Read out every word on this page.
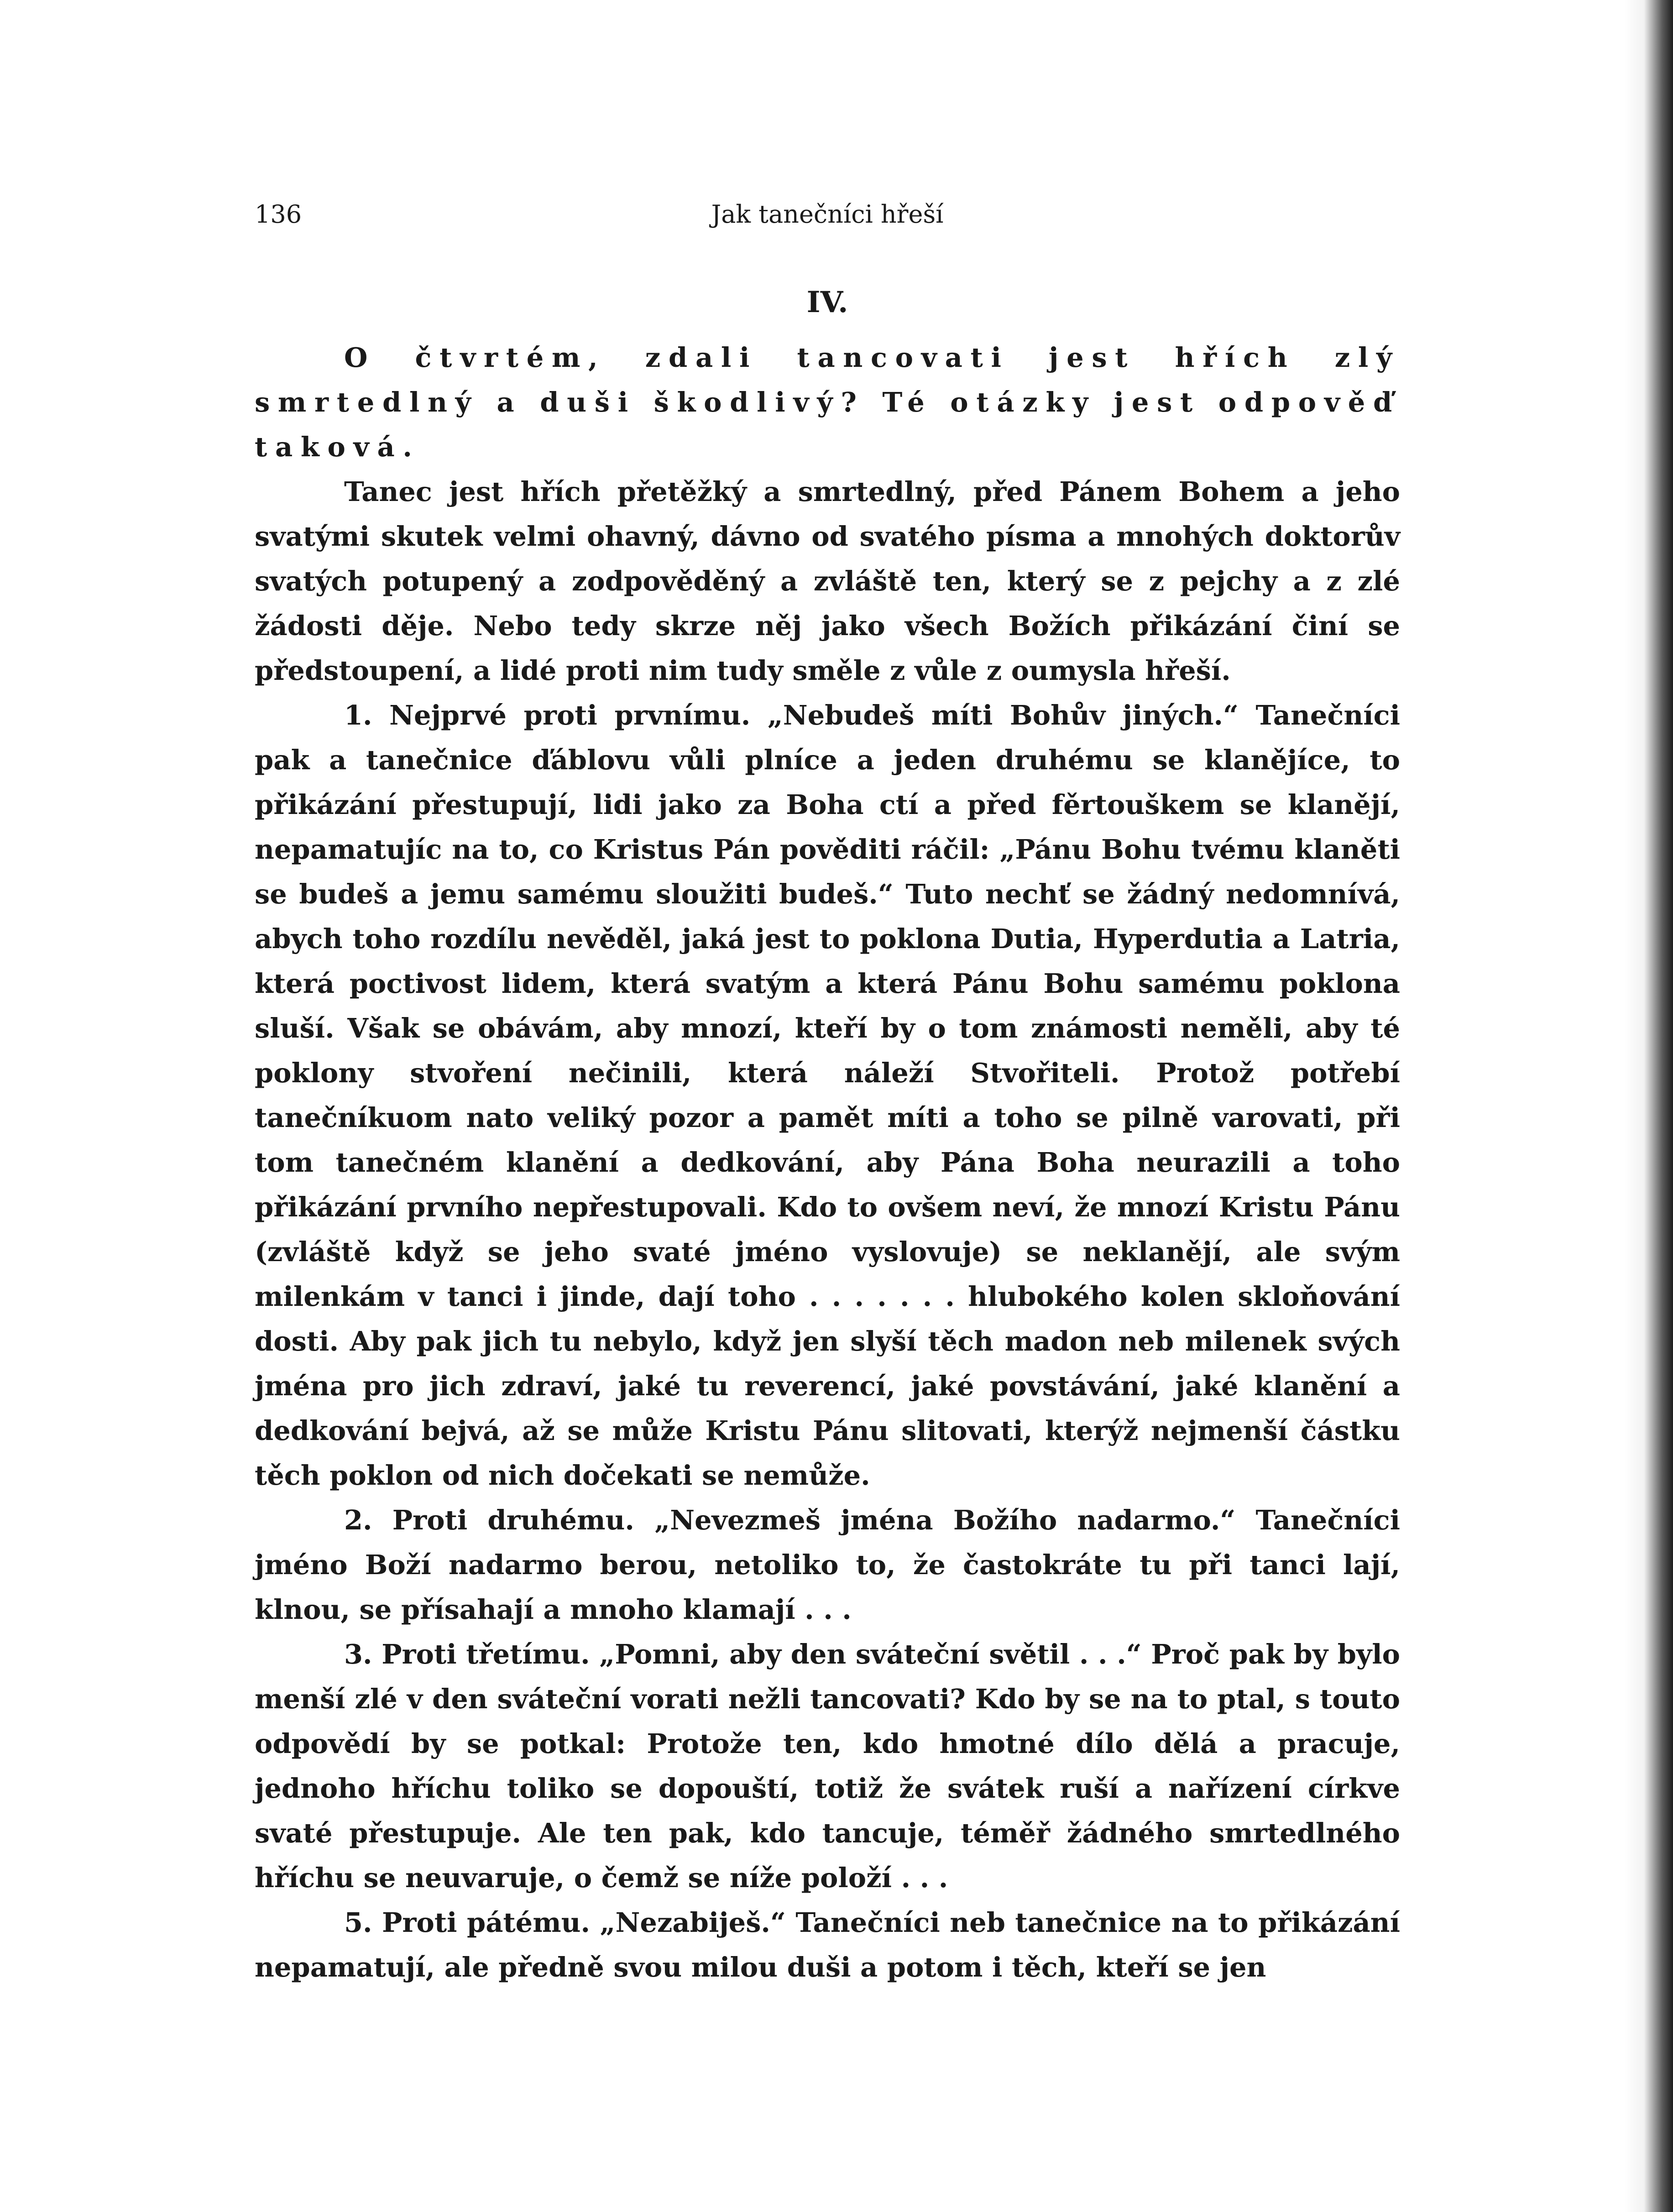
136	Jak tanečníci hřeší
IV.

O čtvrtém, zdali tancovati jest hřích zlý smrtedlný a duši škodlivý? Té otázky jest odpověď taková.

Tanec jest hřích přetěžký a smrtedlný, před Pánem Bohem a jeho svatými skutek velmi ohavný, dávno od svatého písma a mnohých doktorův svatých potupený a zodpověděný a zvláště ten, který se z pejchy a z zlé žádosti děje. Nebo tedy skrze něj jako všech Božích přikázání činí se předstoupení, a lidé proti nim tudy směle z vůle z oumysla hřeší.

1. Nejprvé proti prvnímu. „Nebudeš míti Bohův jiných.“ Tanečníci pak a tanečnice ďáblovu vůli plníce a jeden druhému se klanějíce, to přikázání přestupují, lidi jako za Boha ctí a před fěrtouškem se klanějí, nepamatujíc na to, co Kristus Pán pověditi ráčil: „Pánu Bohu tvému klaněti se budeš a jemu samému sloužiti budeš.“ Tuto nechť se žádný nedomnívá, abych toho rozdílu nevěděl, jaká jest to poklona Dutia, Hyperdutia a Latria, která poctivost lidem, která svatým a která Pánu Bohu samému poklona sluší. Však se obávám, aby mnozí, kteří by o tom známosti neměli, aby té poklony stvoření nečinili, která náleží Stvořiteli. Protož potřebí tanečníkuom nato veliký pozor a pamět míti a toho se pilně varovati, při tom tanečném klanění a dedkování, aby Pána Boha neurazili a toho přikázání prvního nepřestupovali. Kdo to ovšem neví, že mnozí Kristu Pánu (zvláště když se jeho svaté jméno vyslovuje) se neklanějí, ale svým milenkám v tanci i jinde, dají toho . . . . . . . hlubokého kolen skloňování dosti. Aby pak jich tu nebylo, když jen slyší těch madon neb milenek svých jména pro jich zdraví, jaké tu reverencí, jaké povstávání, jaké klanění a dedkování bejvá, až se může Kristu Pánu slitovati, kterýž nejmenší částku těch poklon od nich dočekati se nemůže.

2. Proti druhému. „Nevezmeš jména Božího nadarmo.“ Tanečníci jméno Boží nadarmo berou, netoliko to, že častokráte tu při tanci lají, klnou, se přísahají a mnoho klamají . . .

3. Proti třetímu. „Pomni, aby den sváteční světil . . .“ Proč pak by bylo menší zlé v den sváteční vorati nežli tancovati? Kdo by se na to ptal, s touto odpovědí by se potkal: Protože ten, kdo hmotné dílo dělá a pracuje, jednoho hříchu toliko se dopouští, totiž že svátek ruší a nařízení církve svaté přestupuje. Ale ten pak, kdo tancuje, téměř žádného smrtedlného hříchu se neuvaruje, o čemž se níže položí . . .

5. Proti pátému. „Nezabiješ.“ Tanečníci neb tanečnice na to přikázání nepamatují, ale předně svou milou duši a potom i těch, kteří se jen
